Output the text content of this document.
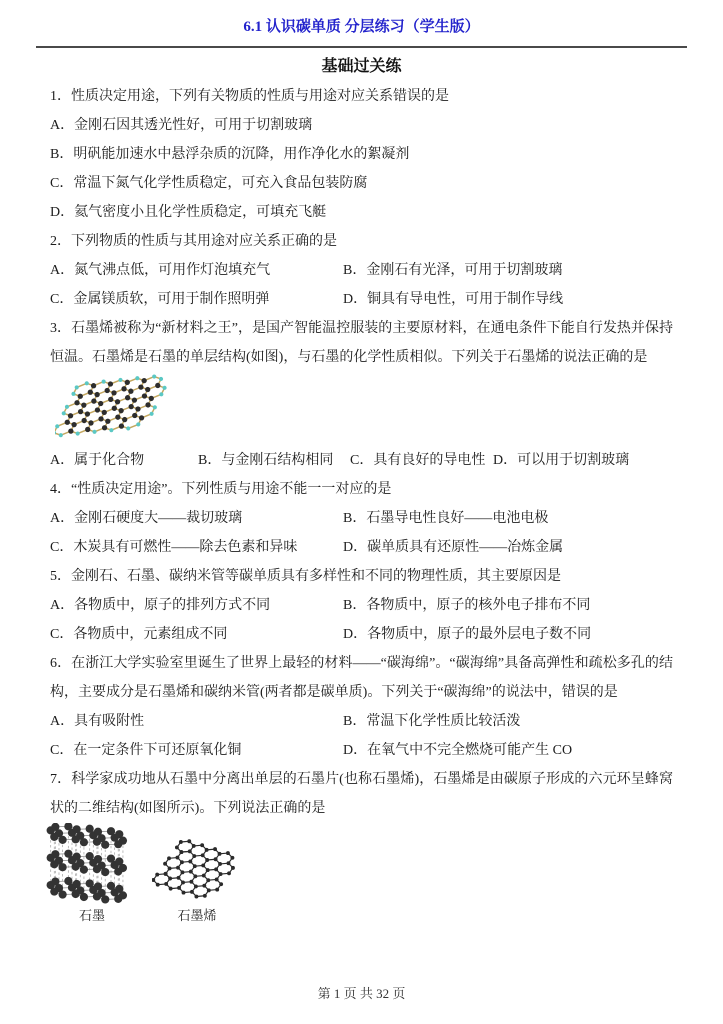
6.1 认识碳单质 分层练习（学生版）
基础过关练

1．性质决定用途，下列有关物质的性质与用途对应关系错误的是

A．金刚石因其透光性好，可用于切割玻璃

B．明矾能加速水中悬浮杂质的沉降，用作净化水的絮凝剂

C．常温下氮气化学性质稳定，可充入食品包装防腐

D．氦气密度小且化学性质稳定，可填充飞艇

2．下列物质的性质与其用途对应关系正确的是

A．氮气沸点低，可用作灯泡填充气	B．金刚石有光泽，可用于切割玻璃
C．金属镁质软，可用于制作照明弹	D．铜具有导电性，可用于制作导线

3．石墨烯被称为“新材料之王”，是国产智能温控服装的主要原材料，在通电条件下能自行发热并保持恒温。石墨烯是石墨的单层结构(如图)，与石墨的化学性质相似。下列关于石墨烯的说法正确的是

A．属于化合物	B．与金刚石结构相同	C．具有良好的导电性 D．可以用于切割玻璃

4．“性质决定用途”。下列性质与用途不能一一对应的是

A．金刚石硬度大——裁切玻璃	B．石墨导电性良好——电池电极
C．木炭具有可燃性——除去色素和异味	D．碳单质具有还原性——冶炼金属

5．金刚石、石墨、碳纳米管等碳单质具有多样性和不同的物理性质，其主要原因是

A．各物质中，原子的排列方式不同	B．各物质中，原子的核外电子排布不同
C．各物质中，元素组成不同	D．各物质中，原子的最外层电子数不同

6．在浙江大学实验室里诞生了世界上最轻的材料——“碳海绵”。“碳海绵”具备高弹性和疏松多孔的结构，主要成分是石墨烯和碳纳米管(两者都是碳单质)。下列关于“碳海绵”的说法中，错误的是

A．具有吸附性	B．常温下化学性质比较活泼
C．在一定条件下可还原氧化铜	D．在氧气中不完全燃烧可能产生 CO

7．科学家成功地从石墨中分离出单层的石墨片(也称石墨烯)，石墨烯是由碳原子形成的六元环呈蜂窝状的二维结构(如图所示)。下列说法正确的是

石墨	石墨烯
第 1 页 共 32 页
